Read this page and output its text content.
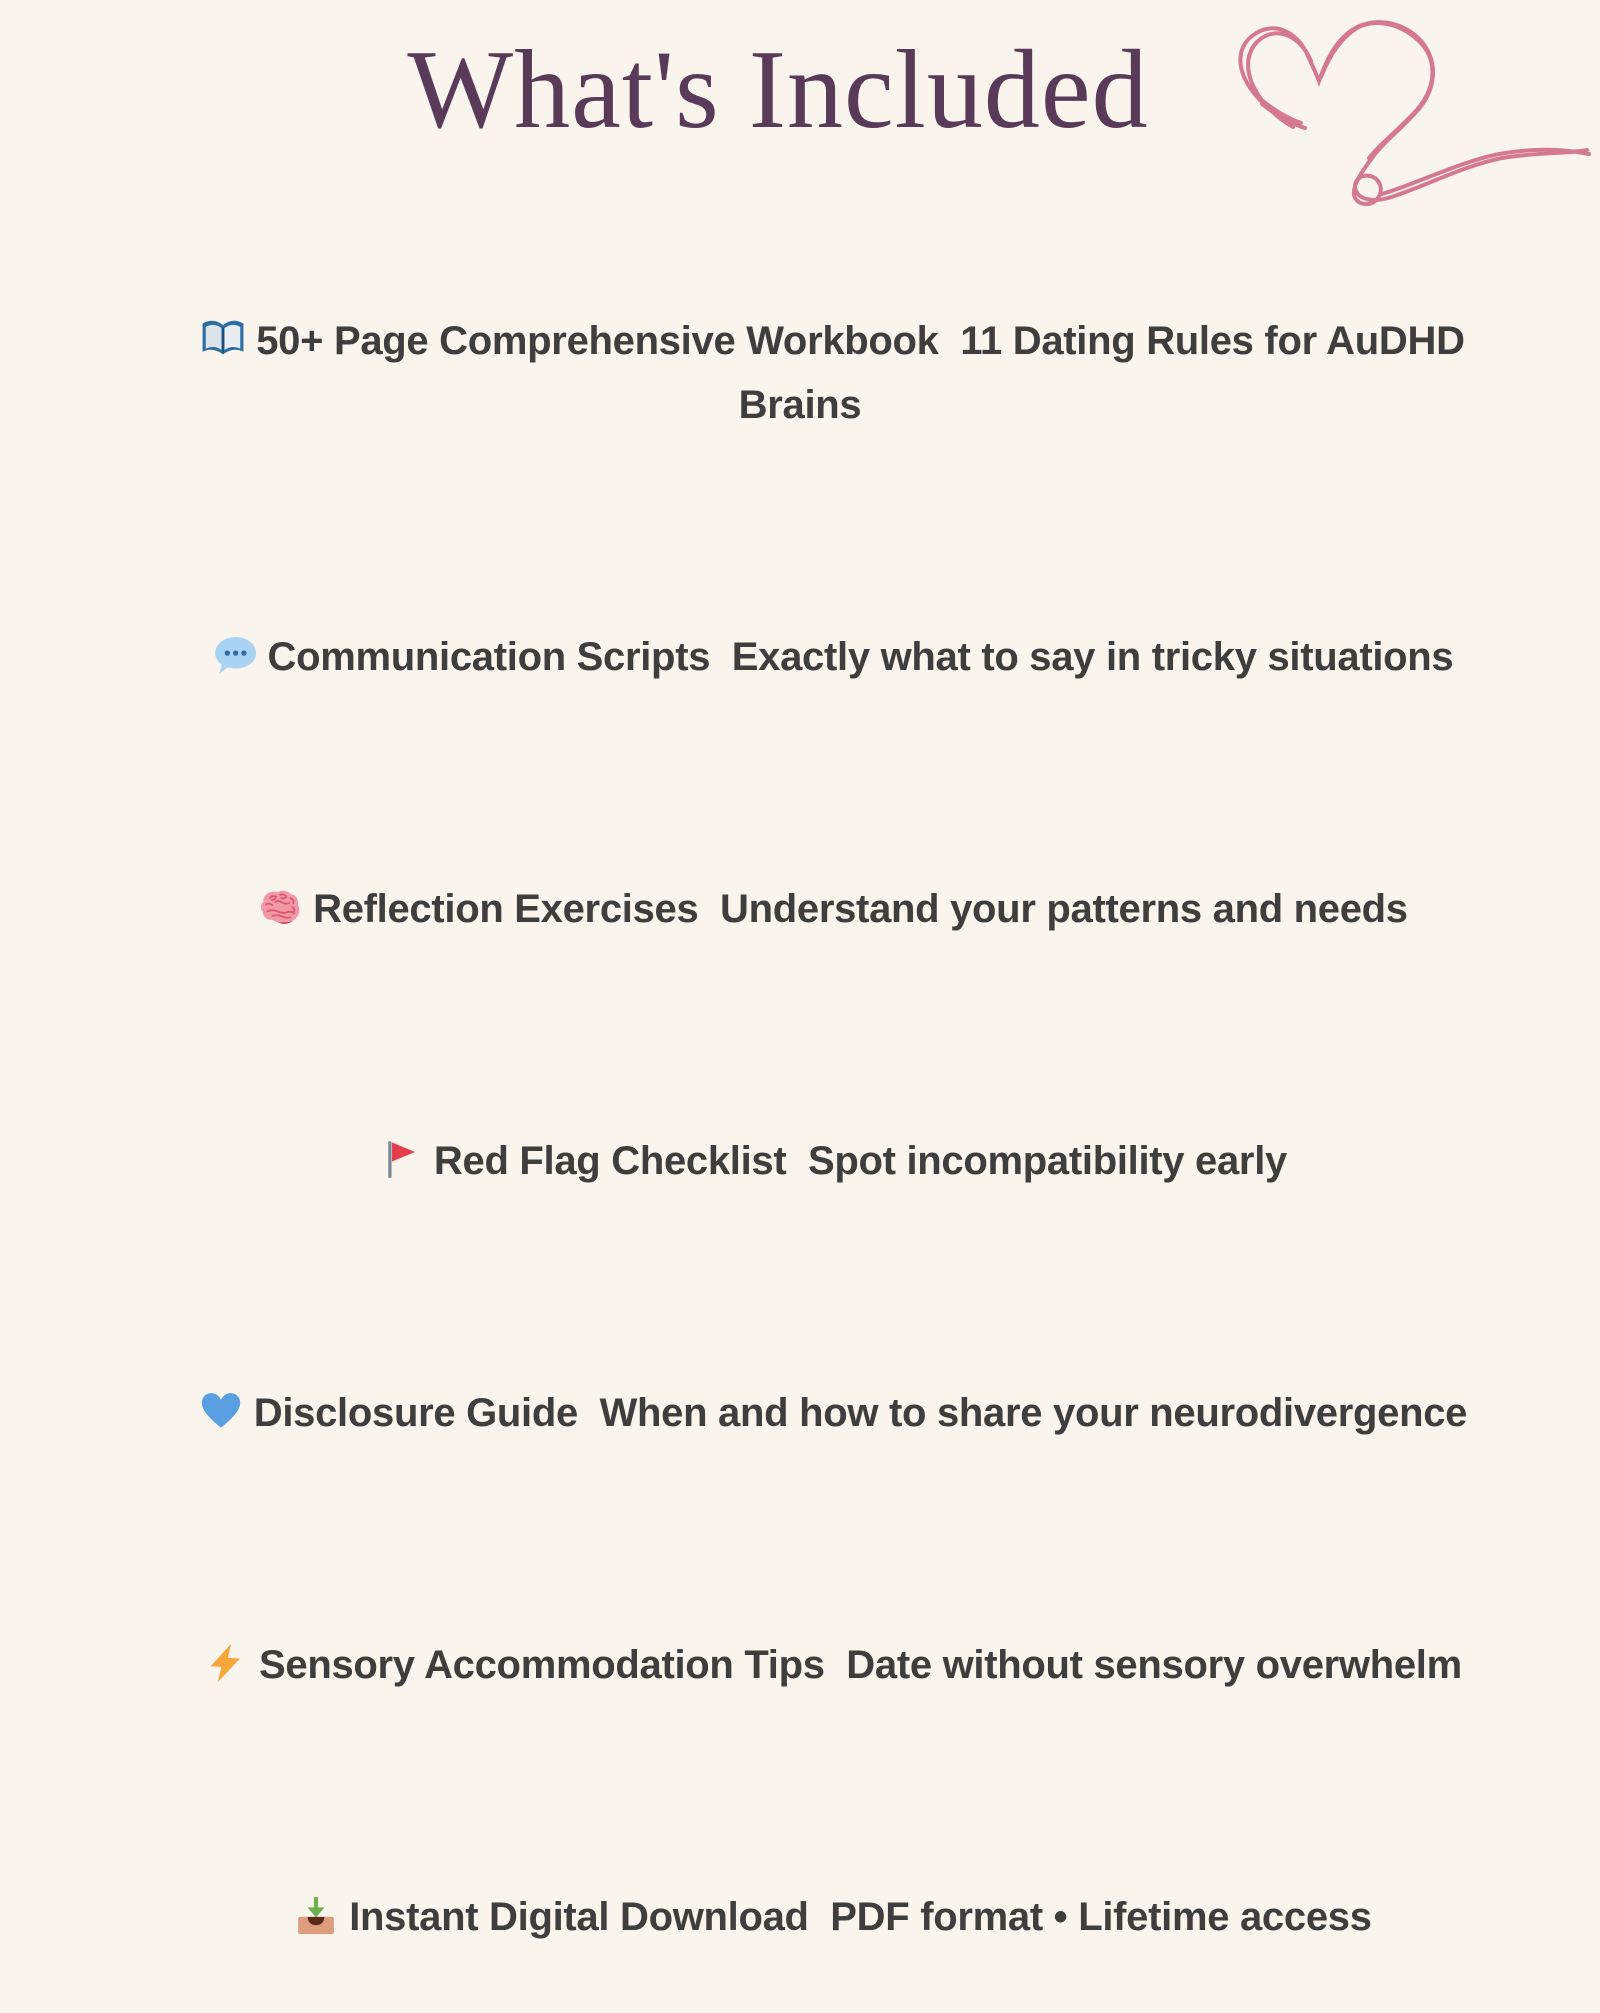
What's Included

50+ Page Comprehensive Workbook  11 Dating Rules for AuDHD Brains

Communication Scripts  Exactly what to say in tricky situations

Reflection Exercises  Understand your patterns and needs

Red Flag Checklist  Spot incompatibility early

Disclosure Guide  When and how to share your neurodivergence

Sensory Accommodation Tips  Date without sensory overwhelm

Instant Digital Download  PDF format • Lifetime access
